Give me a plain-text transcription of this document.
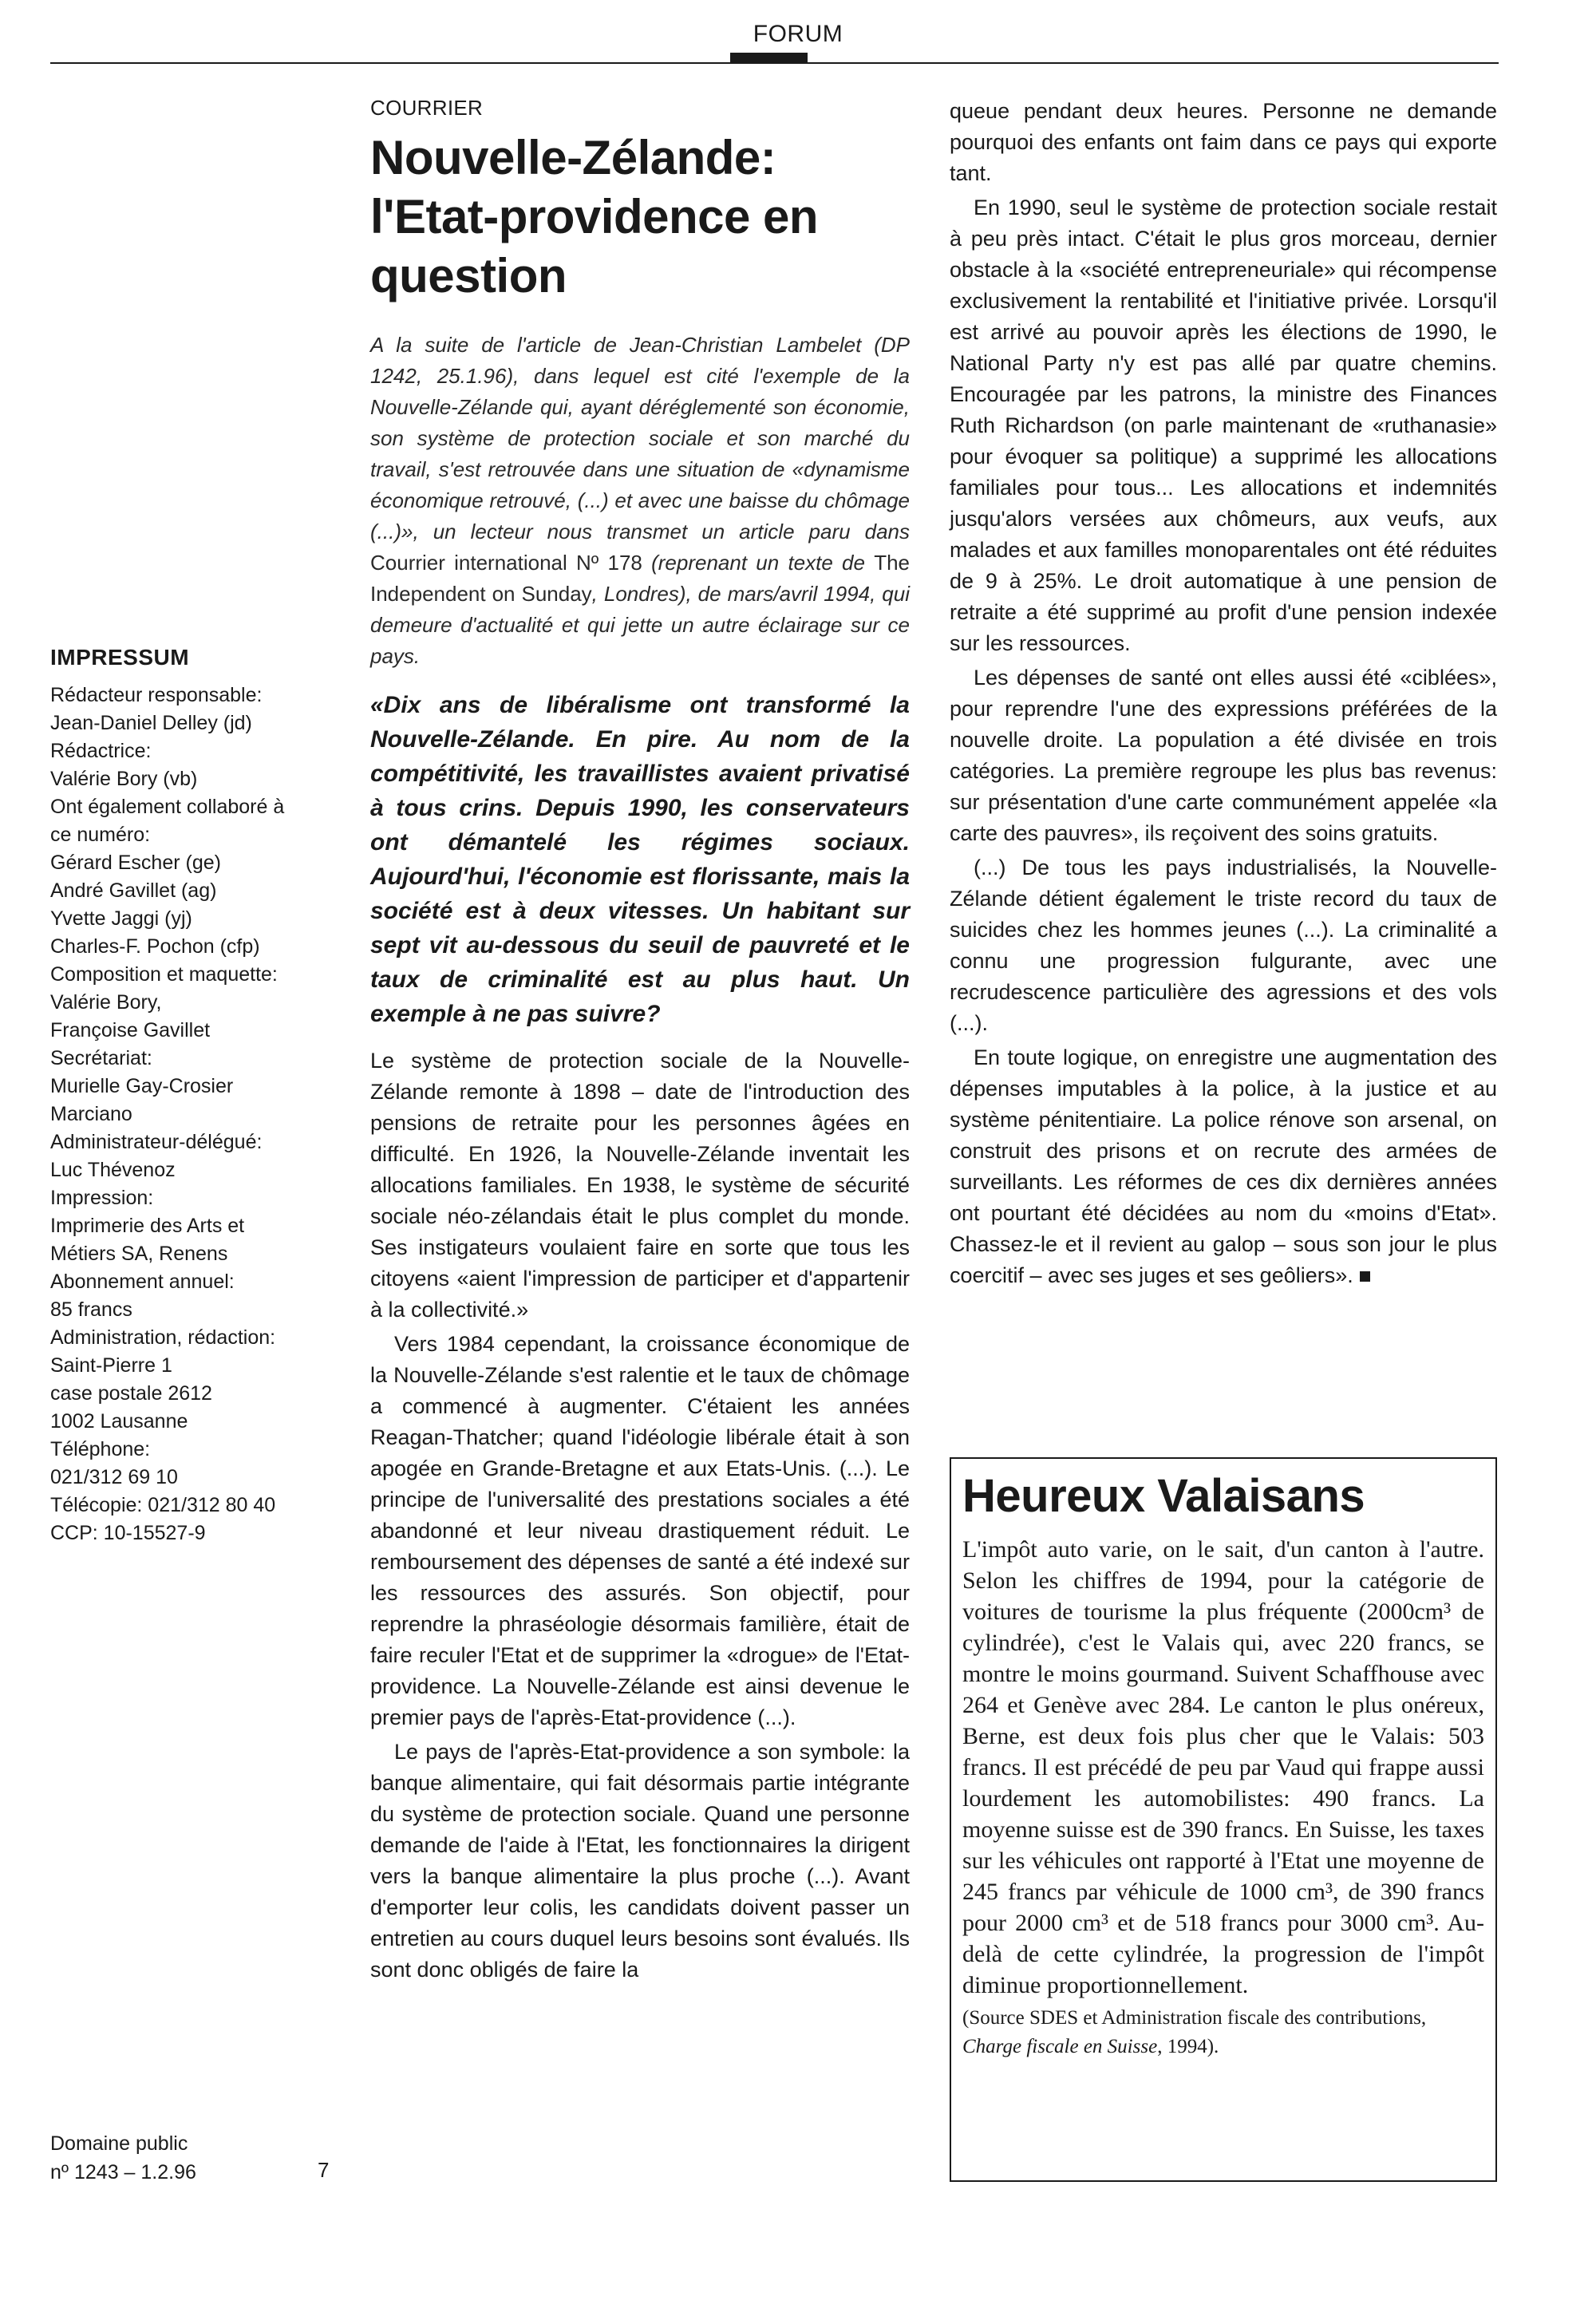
FORUM
IMPRESSUM

Rédacteur responsable:

Jean-Daniel Delley (jd)

Rédactrice:

Valérie Bory (vb)

Ont également collaboré à

ce numéro:

Gérard Escher (ge)

André Gavillet (ag)

Yvette Jaggi (yj)

Charles-F. Pochon (cfp)

Composition et maquette:

Valérie Bory,

Françoise Gavillet

Secrétariat:

Murielle Gay-Crosier

Marciano

Administrateur-délégué:

Luc Thévenoz

Impression:

Imprimerie des Arts et

Métiers SA, Renens

Abonnement annuel:

85 francs

Administration, rédaction:

Saint-Pierre 1

case postale 2612

1002 Lausanne

Téléphone:

021/312 69 10

Télécopie: 021/312 80 40

CCP: 10-15527-9

Domaine public
nº 1243 – 1.2.96	7
COURRIER
Nouvelle-Zélande: l'Etat-providence en question

A la suite de l'article de Jean-Christian Lambelet (DP 1242, 25.1.96), dans lequel est cité l'exemple de la Nouvelle-Zélande qui, ayant déréglementé son économie, son système de protection sociale et son marché du travail, s'est retrouvée dans une situation de «dynamisme économique retrouvé, (...) et avec une baisse du chômage (...)», un lecteur nous transmet un article paru dans Courrier international Nº 178 (reprenant un texte de The Independent on Sunday, Londres), de mars/avril 1994, qui demeure d'actualité et qui jette un autre éclairage sur ce pays.

«Dix ans de libéralisme ont transformé la Nouvelle-Zélande. En pire. Au nom de la compétitivité, les travaillistes avaient privatisé à tous crins. Depuis 1990, les conservateurs ont démantelé les régimes sociaux. Aujourd'hui, l'économie est florissante, mais la société est à deux vitesses. Un habitant sur sept vit au-dessous du seuil de pauvreté et le taux de criminalité est au plus haut. Un exemple à ne pas suivre?

Le système de protection sociale de la Nouvelle-Zélande remonte à 1898 – date de l'introduction des pensions de retraite pour les personnes âgées en difficulté. En 1926, la Nouvelle-Zélande inventait les allocations familiales. En 1938, le système de sécurité sociale néo-zélandais était le plus complet du monde. Ses instigateurs voulaient faire en sorte que tous les citoyens «aient l'impression de participer et d'appartenir à la collectivité.»

Vers 1984 cependant, la croissance économique de la Nouvelle-Zélande s'est ralentie et le taux de chômage a commencé à augmenter. C'étaient les années Reagan-Thatcher; quand l'idéologie libérale était à son apogée en Grande-Bretagne et aux Etats-Unis. (...). Le principe de l'universalité des prestations sociales a été abandonné et leur niveau drastiquement réduit. Le remboursement des dépenses de santé a été indexé sur les ressources des assurés. Son objectif, pour reprendre la phraséologie désormais familière, était de faire reculer l'Etat et de supprimer la «drogue» de l'Etat-providence. La Nouvelle-Zélande est ainsi devenue le premier pays de l'après-Etat-providence (...).

Le pays de l'après-Etat-providence a son symbole: la banque alimentaire, qui fait désormais partie intégrante du système de protection sociale. Quand une personne demande de l'aide à l'Etat, les fonctionnaires la dirigent vers la banque alimentaire la plus proche (...). Avant d'emporter leur colis, les candidats doivent passer un entretien au cours duquel leurs besoins sont évalués. Ils sont donc obligés de faire la

queue pendant deux heures. Personne ne demande pourquoi des enfants ont faim dans ce pays qui exporte tant.

En 1990, seul le système de protection sociale restait à peu près intact. C'était le plus gros morceau, dernier obstacle à la «société entrepreneuriale» qui récompense exclusivement la rentabilité et l'initiative privée. Lorsqu'il est arrivé au pouvoir après les élections de 1990, le National Party n'y est pas allé par quatre chemins. Encouragée par les patrons, la ministre des Finances Ruth Richardson (on parle maintenant de «ruthanasie» pour évoquer sa politique) a supprimé les allocations familiales pour tous... Les allocations et indemnités jusqu'alors versées aux chômeurs, aux veufs, aux malades et aux familles monoparentales ont été réduites de 9 à 25%. Le droit automatique à une pension de retraite a été supprimé au profit d'une pension indexée sur les ressources.

Les dépenses de santé ont elles aussi été «ciblées», pour reprendre l'une des expressions préférées de la nouvelle droite. La population a été divisée en trois catégories. La première regroupe les plus bas revenus: sur présentation d'une carte communément appelée «la carte des pauvres», ils reçoivent des soins gratuits.

(...) De tous les pays industrialisés, la Nouvelle-Zélande détient également le triste record du taux de suicides chez les hommes jeunes (...). La criminalité a connu une progression fulgurante, avec une recrudescence particulière des agressions et des vols (...).

En toute logique, on enregistre une augmentation des dépenses imputables à la police, à la justice et au système pénitentiaire. La police rénove son arsenal, on construit des prisons et on recrute des armées de surveillants. Les réformes de ces dix dernières années ont pourtant été décidées au nom du «moins d'Etat». Chassez-le et il revient au galop – sous son jour le plus coercitif – avec ses juges et ses geôliers».

Heureux Valaisans

L'impôt auto varie, on le sait, d'un canton à l'autre. Selon les chiffres de 1994, pour la catégorie de voitures de tourisme la plus fréquente (2000cm³ de cylindrée), c'est le Valais qui, avec 220 francs, se montre le moins gourmand. Suivent Schaffhouse avec 264 et Genève avec 284. Le canton le plus onéreux, Berne, est deux fois plus cher que le Valais: 503 francs. Il est précédé de peu par Vaud qui frappe aussi lourdement les automobilistes: 490 francs. La moyenne suisse est de 390 francs. En Suisse, les taxes sur les véhicules ont rapporté à l'Etat une moyenne de 245 francs par véhicule de 1000 cm³, de 390 francs pour 2000 cm³ et de 518 francs pour 3000 cm³. Au-delà de cette cylindrée, la progression de l'impôt diminue proportionnellement.

(Source SDES et Administration fiscale des contributions, Charge fiscale en Suisse, 1994).
